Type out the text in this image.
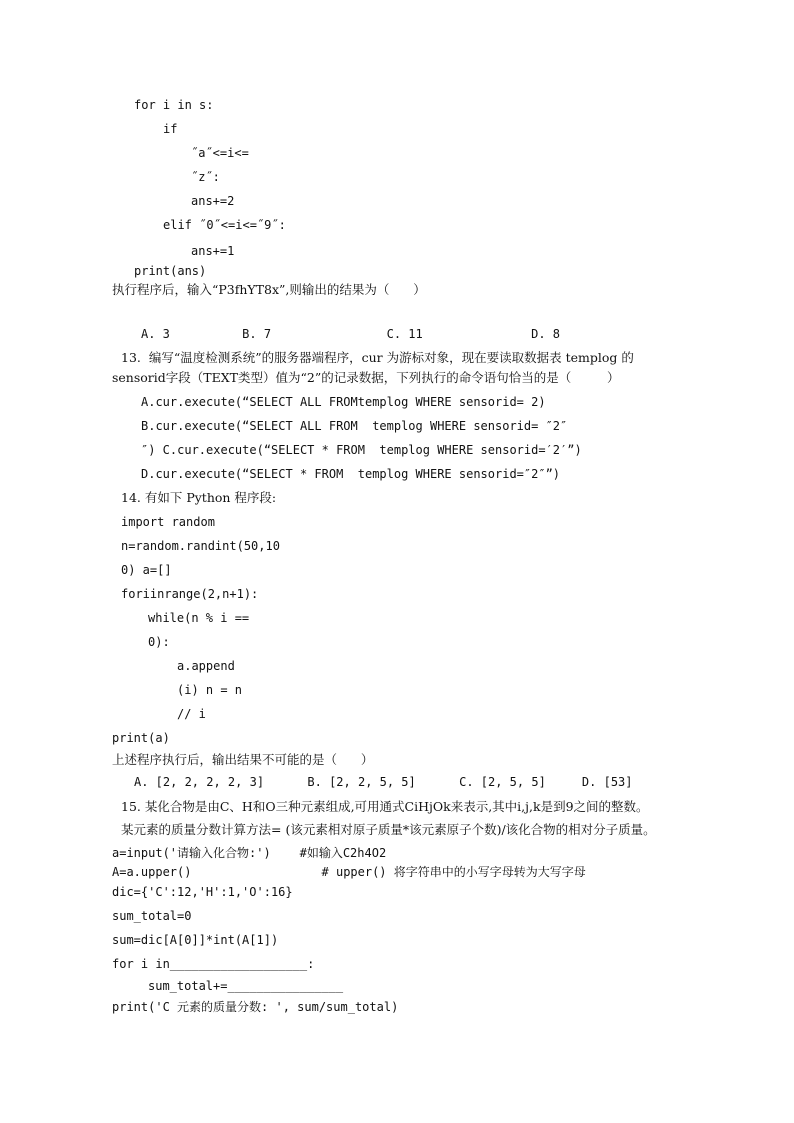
for i in s:
if
˝a˝<=i<=
˝z˝:
ans+=2
elif ˝0˝<=i<=˝9˝:
ans+=1
print(ans)
执行程序后，输入“P3fhYT8x”,则输出的结果为（      ）
A. 3          B. 7                C. 11               D. 8
13.  编写“温度检测系统”的服务器端程序，cur 为游标对象，现在要读取数据表 templog 的
sensorid字段（TEXT类型）值为“2”的记录数据，下列执行的命令语句恰当的是（         ）
A.cur.execute(“SELECT ALL FROMtemplog WHERE sensorid= 2)
B.cur.execute(“SELECT ALL FROM  templog WHERE sensorid= ″2″
″) C.cur.execute(“SELECT * FROM  templog WHERE sensorid=′2′”)
D.cur.execute(“SELECT * FROM  templog WHERE sensorid=″2″”)
14. 有如下 Python 程序段:
import random
n=random.randint(50,10
0) a=[]
foriinrange(2,n+1):
while(n % i ==
0):
a.append
(i) n = n
// i
print(a)
上述程序执行后，输出结果不可能的是（      ）
A. [2, 2, 2, 2, 3]      B. [2, 2, 5, 5]      C. [2, 5, 5]     D. [53]
15. 某化合物是由C、H和O三种元素组成,可用通式CiHjOk来表示,其中i,j,k是到9之间的整数。
某元素的质量分数计算方法= (该元素相对原子质量*该元素原子个数)/该化合物的相对分子质量。
a=input('请输入化合物:')    #如输入C2h4O2
A=a.upper()                  # upper() 将字符串中的小写字母转为大写字母
dic={'C':12,'H':1,'O':16}
sum_total=0
sum=dic[A[0]]*int(A[1])
for i in___________________:
sum_total+=________________
print('C 元素的质量分数: ', sum/sum_total)
